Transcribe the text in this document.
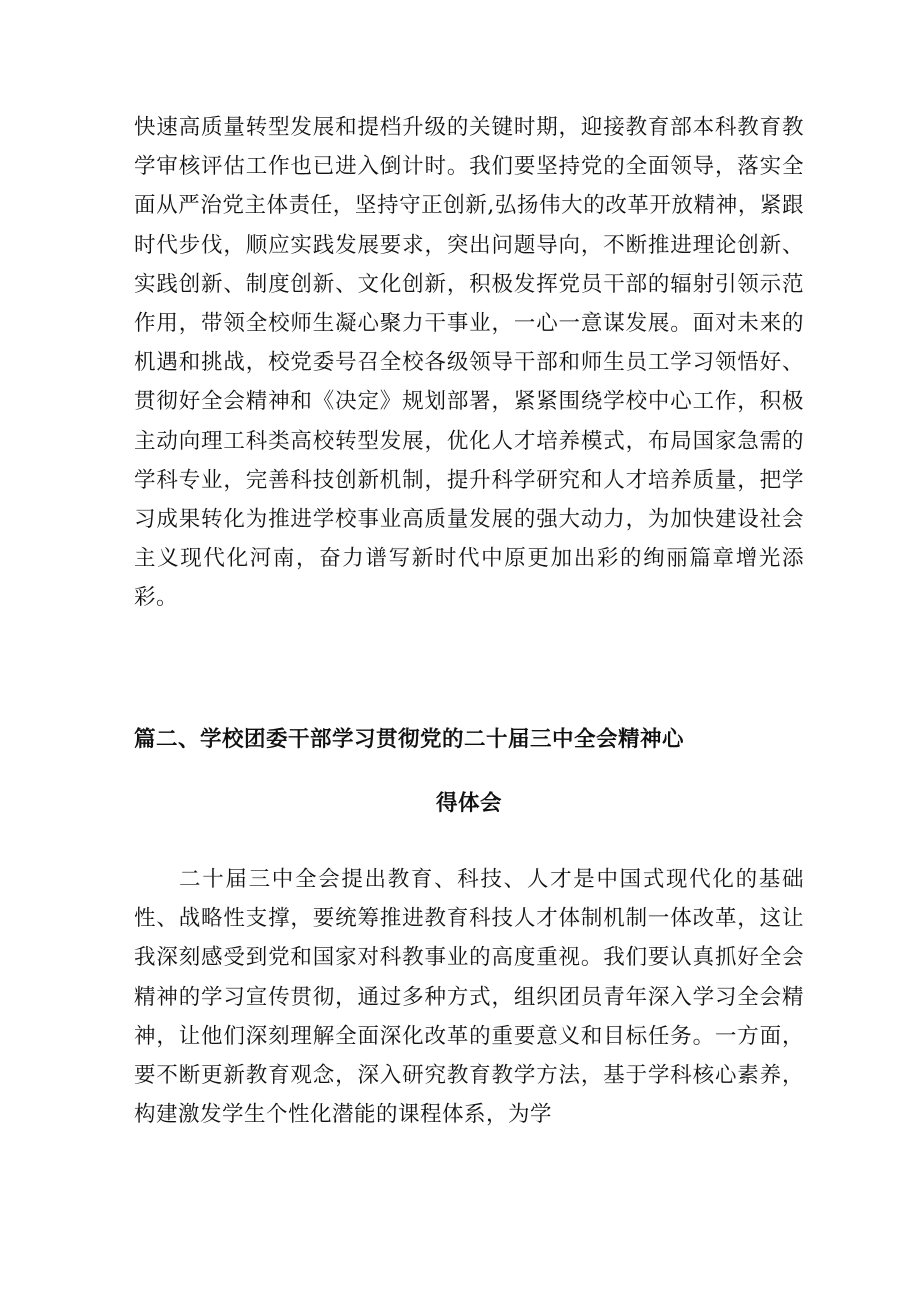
快速高质量转型发展和提档升级的关键时期，迎接教育部本科教育教学审核评估工作也已进入倒计时。我们要坚持党的全面领导，落实全面从严治党主体责任，坚持守正创新,弘扬伟大的改革开放精神，紧跟时代步伐，顺应实践发展要求，突出问题导向，不断推进理论创新、实践创新、制度创新、文化创新，积极发挥党员干部的辐射引领示范作用，带领全校师生凝心聚力干事业，一心一意谋发展。面对未来的机遇和挑战，校党委号召全校各级领导干部和师生员工学习领悟好、贯彻好全会精神和《决定》规划部署，紧紧围绕学校中心工作，积极主动向理工科类高校转型发展，优化人才培养模式，布局国家急需的学科专业，完善科技创新机制，提升科学研究和人才培养质量，把学习成果转化为推进学校事业高质量发展的强大动力，为加快建设社会主义现代化河南，奋力谱写新时代中原更加出彩的绚丽篇章增光添彩。

篇二、学校团委干部学习贯彻党的二十届三中全会精神心
得体会

二十届三中全会提出教育、科技、人才是中国式现代化的基础性、战略性支撑，要统筹推进教育科技人才体制机制一体改革，这让我深刻感受到党和国家对科教事业的高度重视。我们要认真抓好全会精神的学习宣传贯彻，通过多种方式，组织团员青年深入学习全会精神，让他们深刻理解全面深化改革的重要意义和目标任务。一方面，要不断更新教育观念，深入研究教育教学方法，基于学科核心素养，构建激发学生个性化潜能的课程体系，为学
